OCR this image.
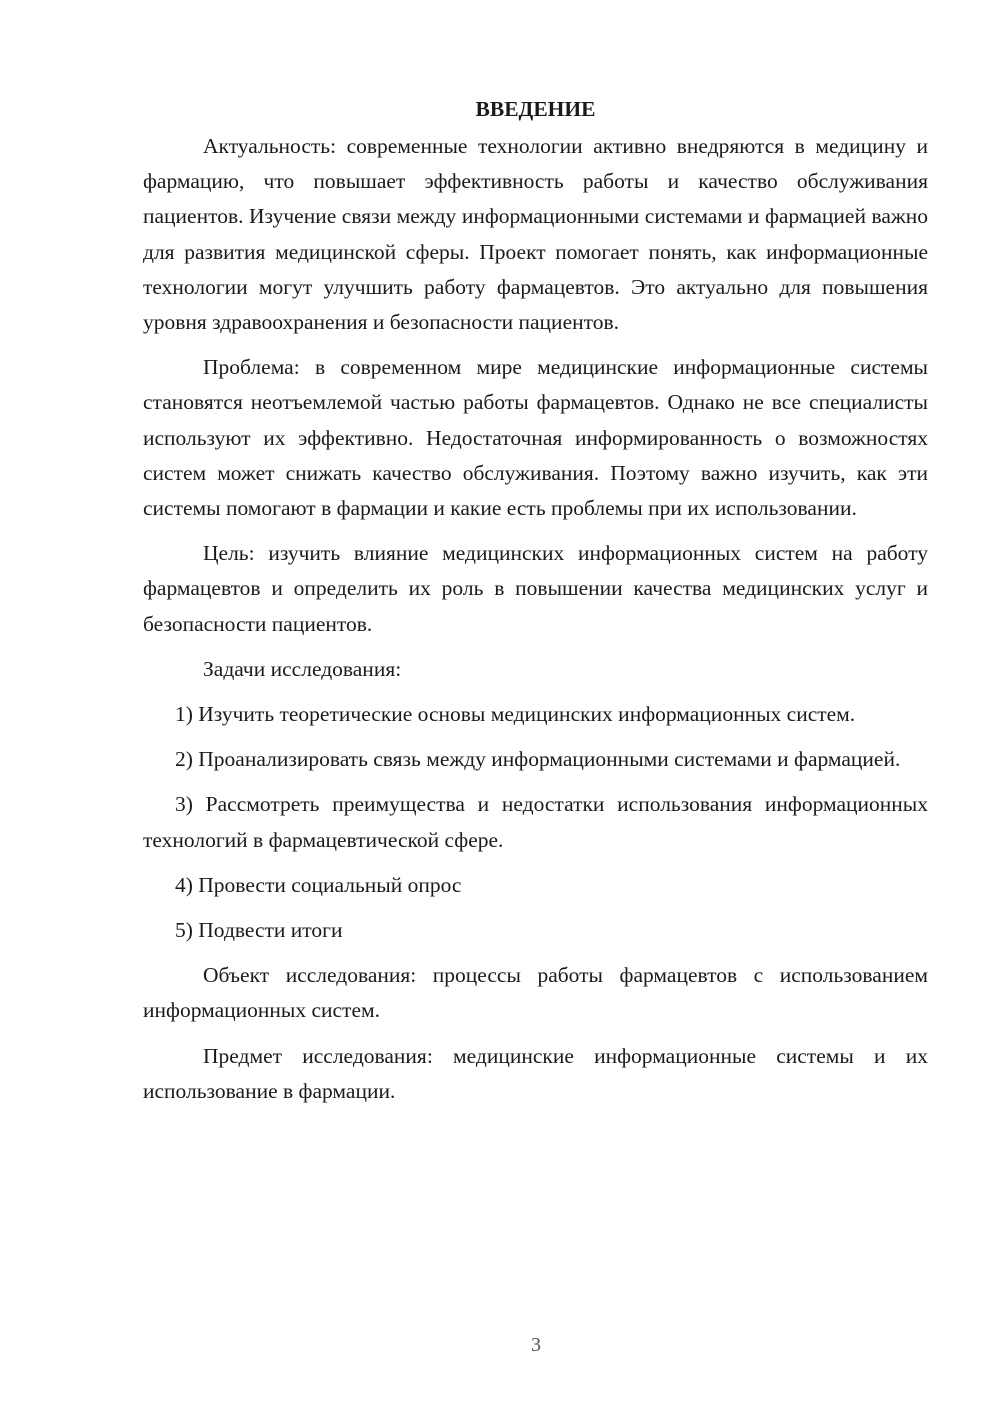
ВВЕДЕНИЕ

Актуальность: современные технологии активно внедряются в медицину и фармацию, что повышает эффективность работы и качество обслуживания пациентов. Изучение связи между информационными системами и фармацией важно для развития медицинской сферы. Проект помогает понять, как информационные технологии могут улучшить работу фармацевтов. Это актуально для повышения уровня здравоохранения и безопасности пациентов.

Проблема: в современном мире медицинские информационные системы становятся неотъемлемой частью работы фармацевтов. Однако не все специалисты используют их эффективно. Недостаточная информированность о возможностях систем может снижать качество обслуживания. Поэтому важно изучить, как эти системы помогают в фармации и какие есть проблемы при их использовании.

Цель: изучить влияние медицинских информационных систем на работу фармацевтов и определить их роль в повышении качества медицинских услуг и безопасности пациентов.

Задачи исследования:

1) Изучить теоретические основы медицинских информационных систем.

2) Проанализировать связь между информационными системами и фармацией.

3) Рассмотреть преимущества и недостатки использования информационных технологий в фармацевтической сфере.

4) Провести социальный опрос

5) Подвести итоги

Объект исследования: процессы работы фармацевтов с использованием информационных систем.

Предмет исследования: медицинские информационные системы и их использование в фармации.

3
